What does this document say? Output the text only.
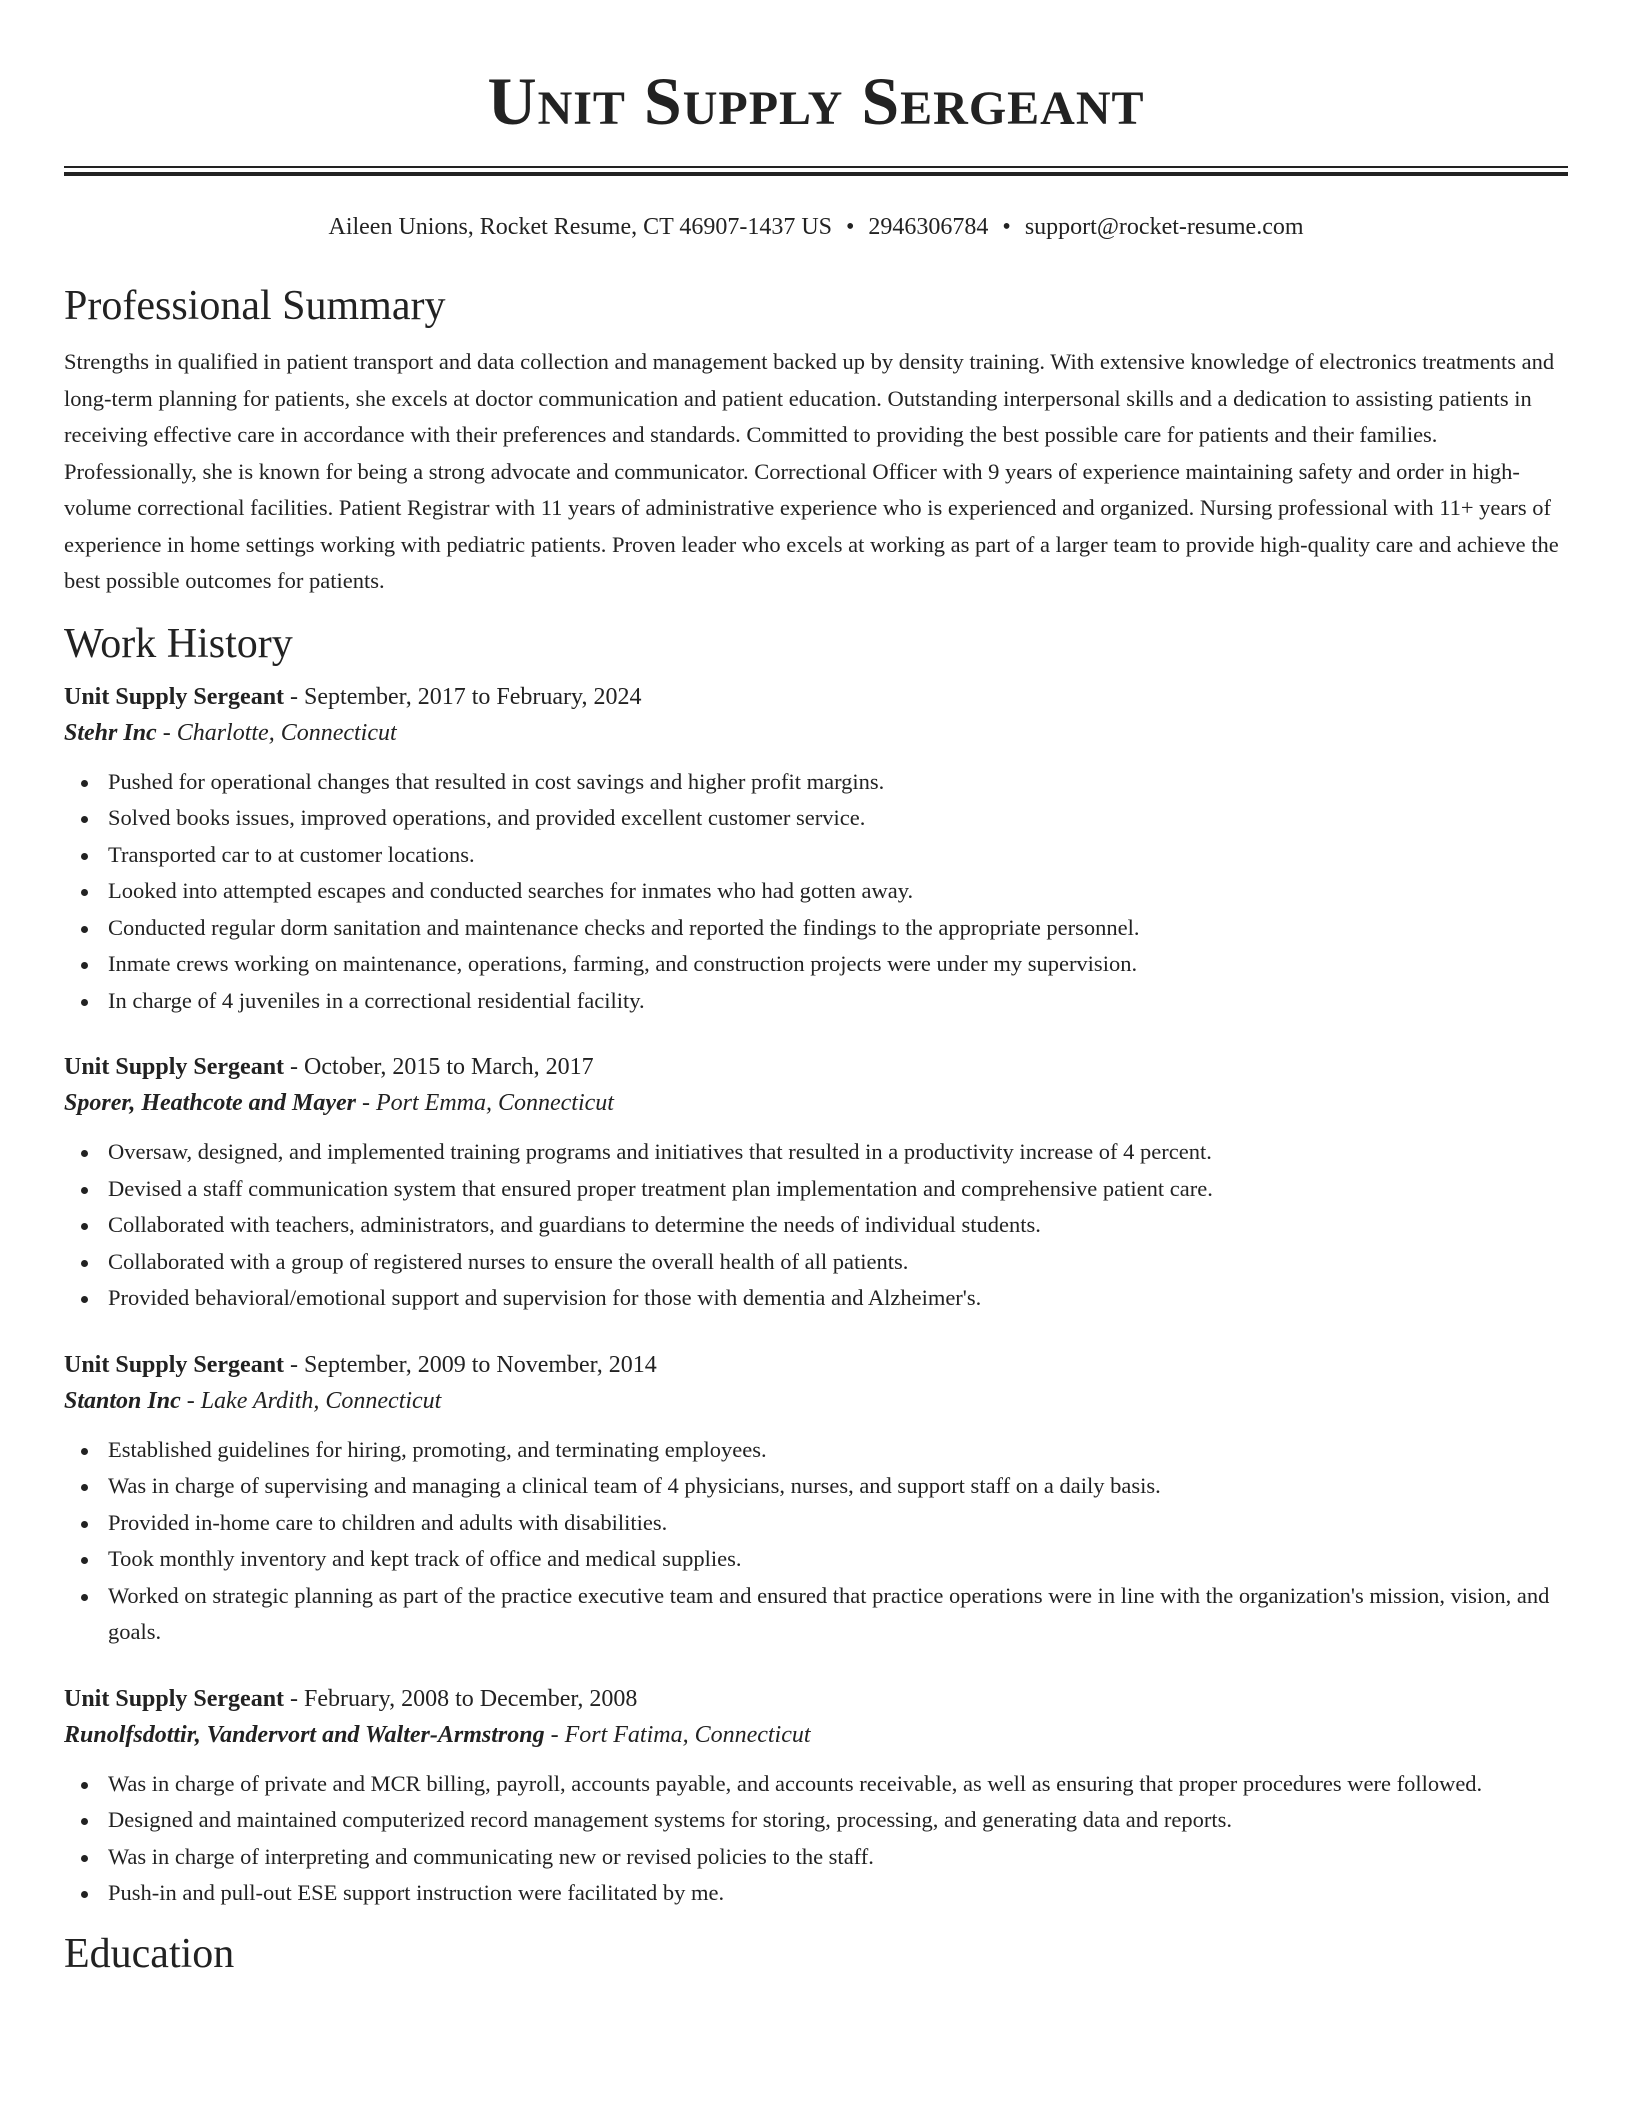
Unit Supply Sergeant
Aileen Unions, Rocket Resume, CT 46907-1437 US • 2946306784 • support@rocket-resume.com
Professional Summary
Strengths in qualified in patient transport and data collection and management backed up by density training. With extensive knowledge of electronics treatments and long-term planning for patients, she excels at doctor communication and patient education. Outstanding interpersonal skills and a dedication to assisting patients in receiving effective care in accordance with their preferences and standards. Committed to providing the best possible care for patients and their families. Professionally, she is known for being a strong advocate and communicator. Correctional Officer with 9 years of experience maintaining safety and order in high-volume correctional facilities. Patient Registrar with 11 years of administrative experience who is experienced and organized. Nursing professional with 11+ years of experience in home settings working with pediatric patients. Proven leader who excels at working as part of a larger team to provide high-quality care and achieve the best possible outcomes for patients.
Work History
Unit Supply Sergeant - September, 2017 to February, 2024
Stehr Inc - Charlotte, Connecticut
Pushed for operational changes that resulted in cost savings and higher profit margins.
Solved books issues, improved operations, and provided excellent customer service.
Transported car to at customer locations.
Looked into attempted escapes and conducted searches for inmates who had gotten away.
Conducted regular dorm sanitation and maintenance checks and reported the findings to the appropriate personnel.
Inmate crews working on maintenance, operations, farming, and construction projects were under my supervision.
In charge of 4 juveniles in a correctional residential facility.
Unit Supply Sergeant - October, 2015 to March, 2017
Sporer, Heathcote and Mayer - Port Emma, Connecticut
Oversaw, designed, and implemented training programs and initiatives that resulted in a productivity increase of 4 percent.
Devised a staff communication system that ensured proper treatment plan implementation and comprehensive patient care.
Collaborated with teachers, administrators, and guardians to determine the needs of individual students.
Collaborated with a group of registered nurses to ensure the overall health of all patients.
Provided behavioral/emotional support and supervision for those with dementia and Alzheimer's.
Unit Supply Sergeant - September, 2009 to November, 2014
Stanton Inc - Lake Ardith, Connecticut
Established guidelines for hiring, promoting, and terminating employees.
Was in charge of supervising and managing a clinical team of 4 physicians, nurses, and support staff on a daily basis.
Provided in-home care to children and adults with disabilities.
Took monthly inventory and kept track of office and medical supplies.
Worked on strategic planning as part of the practice executive team and ensured that practice operations were in line with the organization's mission, vision, and goals.
Unit Supply Sergeant - February, 2008 to December, 2008
Runolfsdottir, Vandervort and Walter-Armstrong - Fort Fatima, Connecticut
Was in charge of private and MCR billing, payroll, accounts payable, and accounts receivable, as well as ensuring that proper procedures were followed.
Designed and maintained computerized record management systems for storing, processing, and generating data and reports.
Was in charge of interpreting and communicating new or revised policies to the staff.
Push-in and pull-out ESE support instruction were facilitated by me.
Education
